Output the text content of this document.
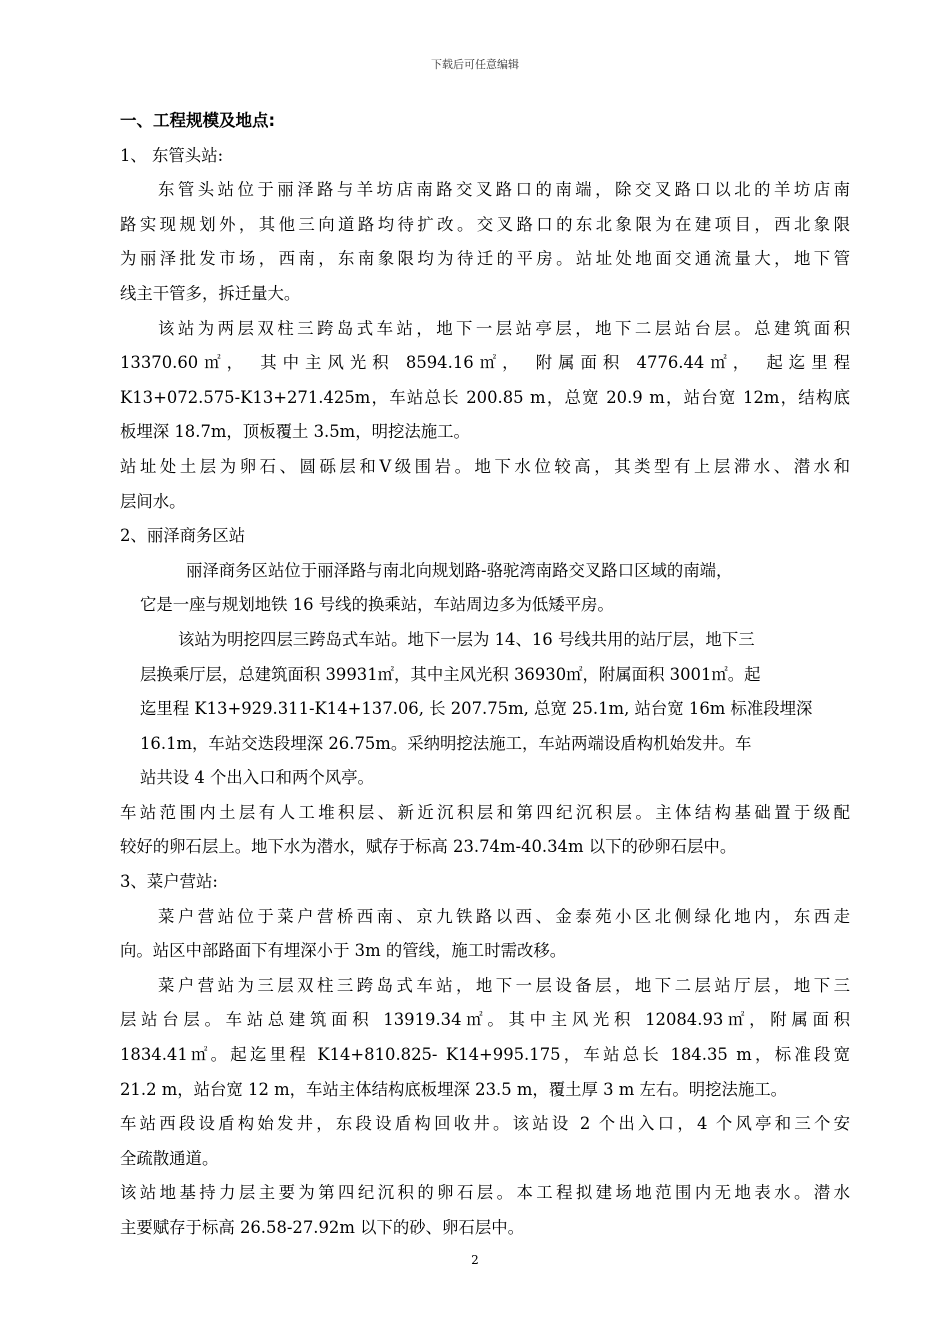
下载后可任意编辑
一、工程规模及地点:
1、 东管头站:
东管头站位于丽泽路与羊坊店南路交叉路口的南端，除交叉路口以北的羊坊店南
路实现规划外，其他三向道路均待扩改。交叉路口的东北象限为在建项目，西北象限
为丽泽批发市场，西南，东南象限均为待迁的平房。站址处地面交通流量大，地下管
线主干管多，拆迁量大。
该站为两层双柱三跨岛式车站，地下一层站亭层，地下二层站台层。总建筑面积
13370.60㎡， 其中主风光积 8594.16㎡， 附属面积 4776.44㎡， 起迄里程
K13+072.575-K13+271.425m，车站总长 200.85 m，总宽 20.9 m，站台宽 12m，结构底
板埋深 18.7m，顶板覆土 3.5m，明挖法施工。
站址处土层为卵石、圆砾层和Ⅴ级围岩。地下水位较高，其类型有上层滞水、潜水和
层间水。
2、丽泽商务区站
丽泽商务区站位于丽泽路与南北向规划路-骆驼湾南路交叉路口区域的南端，
它是一座与规划地铁 16 号线的换乘站，车站周边多为低矮平房。
该站为明挖四层三跨岛式车站。地下一层为 14、16 号线共用的站厅层，地下三
层换乘厅层，总建筑面积 39931㎡，其中主风光积 36930㎡，附属面积 3001㎡。起
迄里程 K13+929.311-K14+137.06, 长 207.75m, 总宽 25.1m, 站台宽 16m 标准段埋深
16.1m，车站交迭段埋深 26.75m。采纳明挖法施工，车站两端设盾构机始发井。车
站共设 4 个出入口和两个风亭。
车站范围内土层有人工堆积层、新近沉积层和第四纪沉积层。主体结构基础置于级配
较好的卵石层上。地下水为潜水，赋存于标高 23.74m-40.34m 以下的砂卵石层中。
3、菜户营站:
菜户营站位于菜户营桥西南、京九铁路以西、金泰苑小区北侧绿化地内，东西走
向。站区中部路面下有埋深小于 3m 的管线，施工时需改移。
菜户营站为三层双柱三跨岛式车站，地下一层设备层，地下二层站厅层，地下三
层站台层。车站总建筑面积 13919.34㎡。其中主风光积 12084.93㎡，附属面积
1834.41㎡。起迄里程 K14+810.825- K14+995.175，车站总长 184.35 m，标准段宽
21.2 m，站台宽 12 m，车站主体结构底板埋深 23.5 m，覆土厚 3 m 左右。明挖法施工。
车站西段设盾构始发井，东段设盾构回收井。该站设 2 个出入口，4 个风亭和三个安
全疏散通道。
该站地基持力层主要为第四纪沉积的卵石层。本工程拟建场地范围内无地表水。潜水
主要赋存于标高 26.58-27.92m 以下的砂、卵石层中。
2
